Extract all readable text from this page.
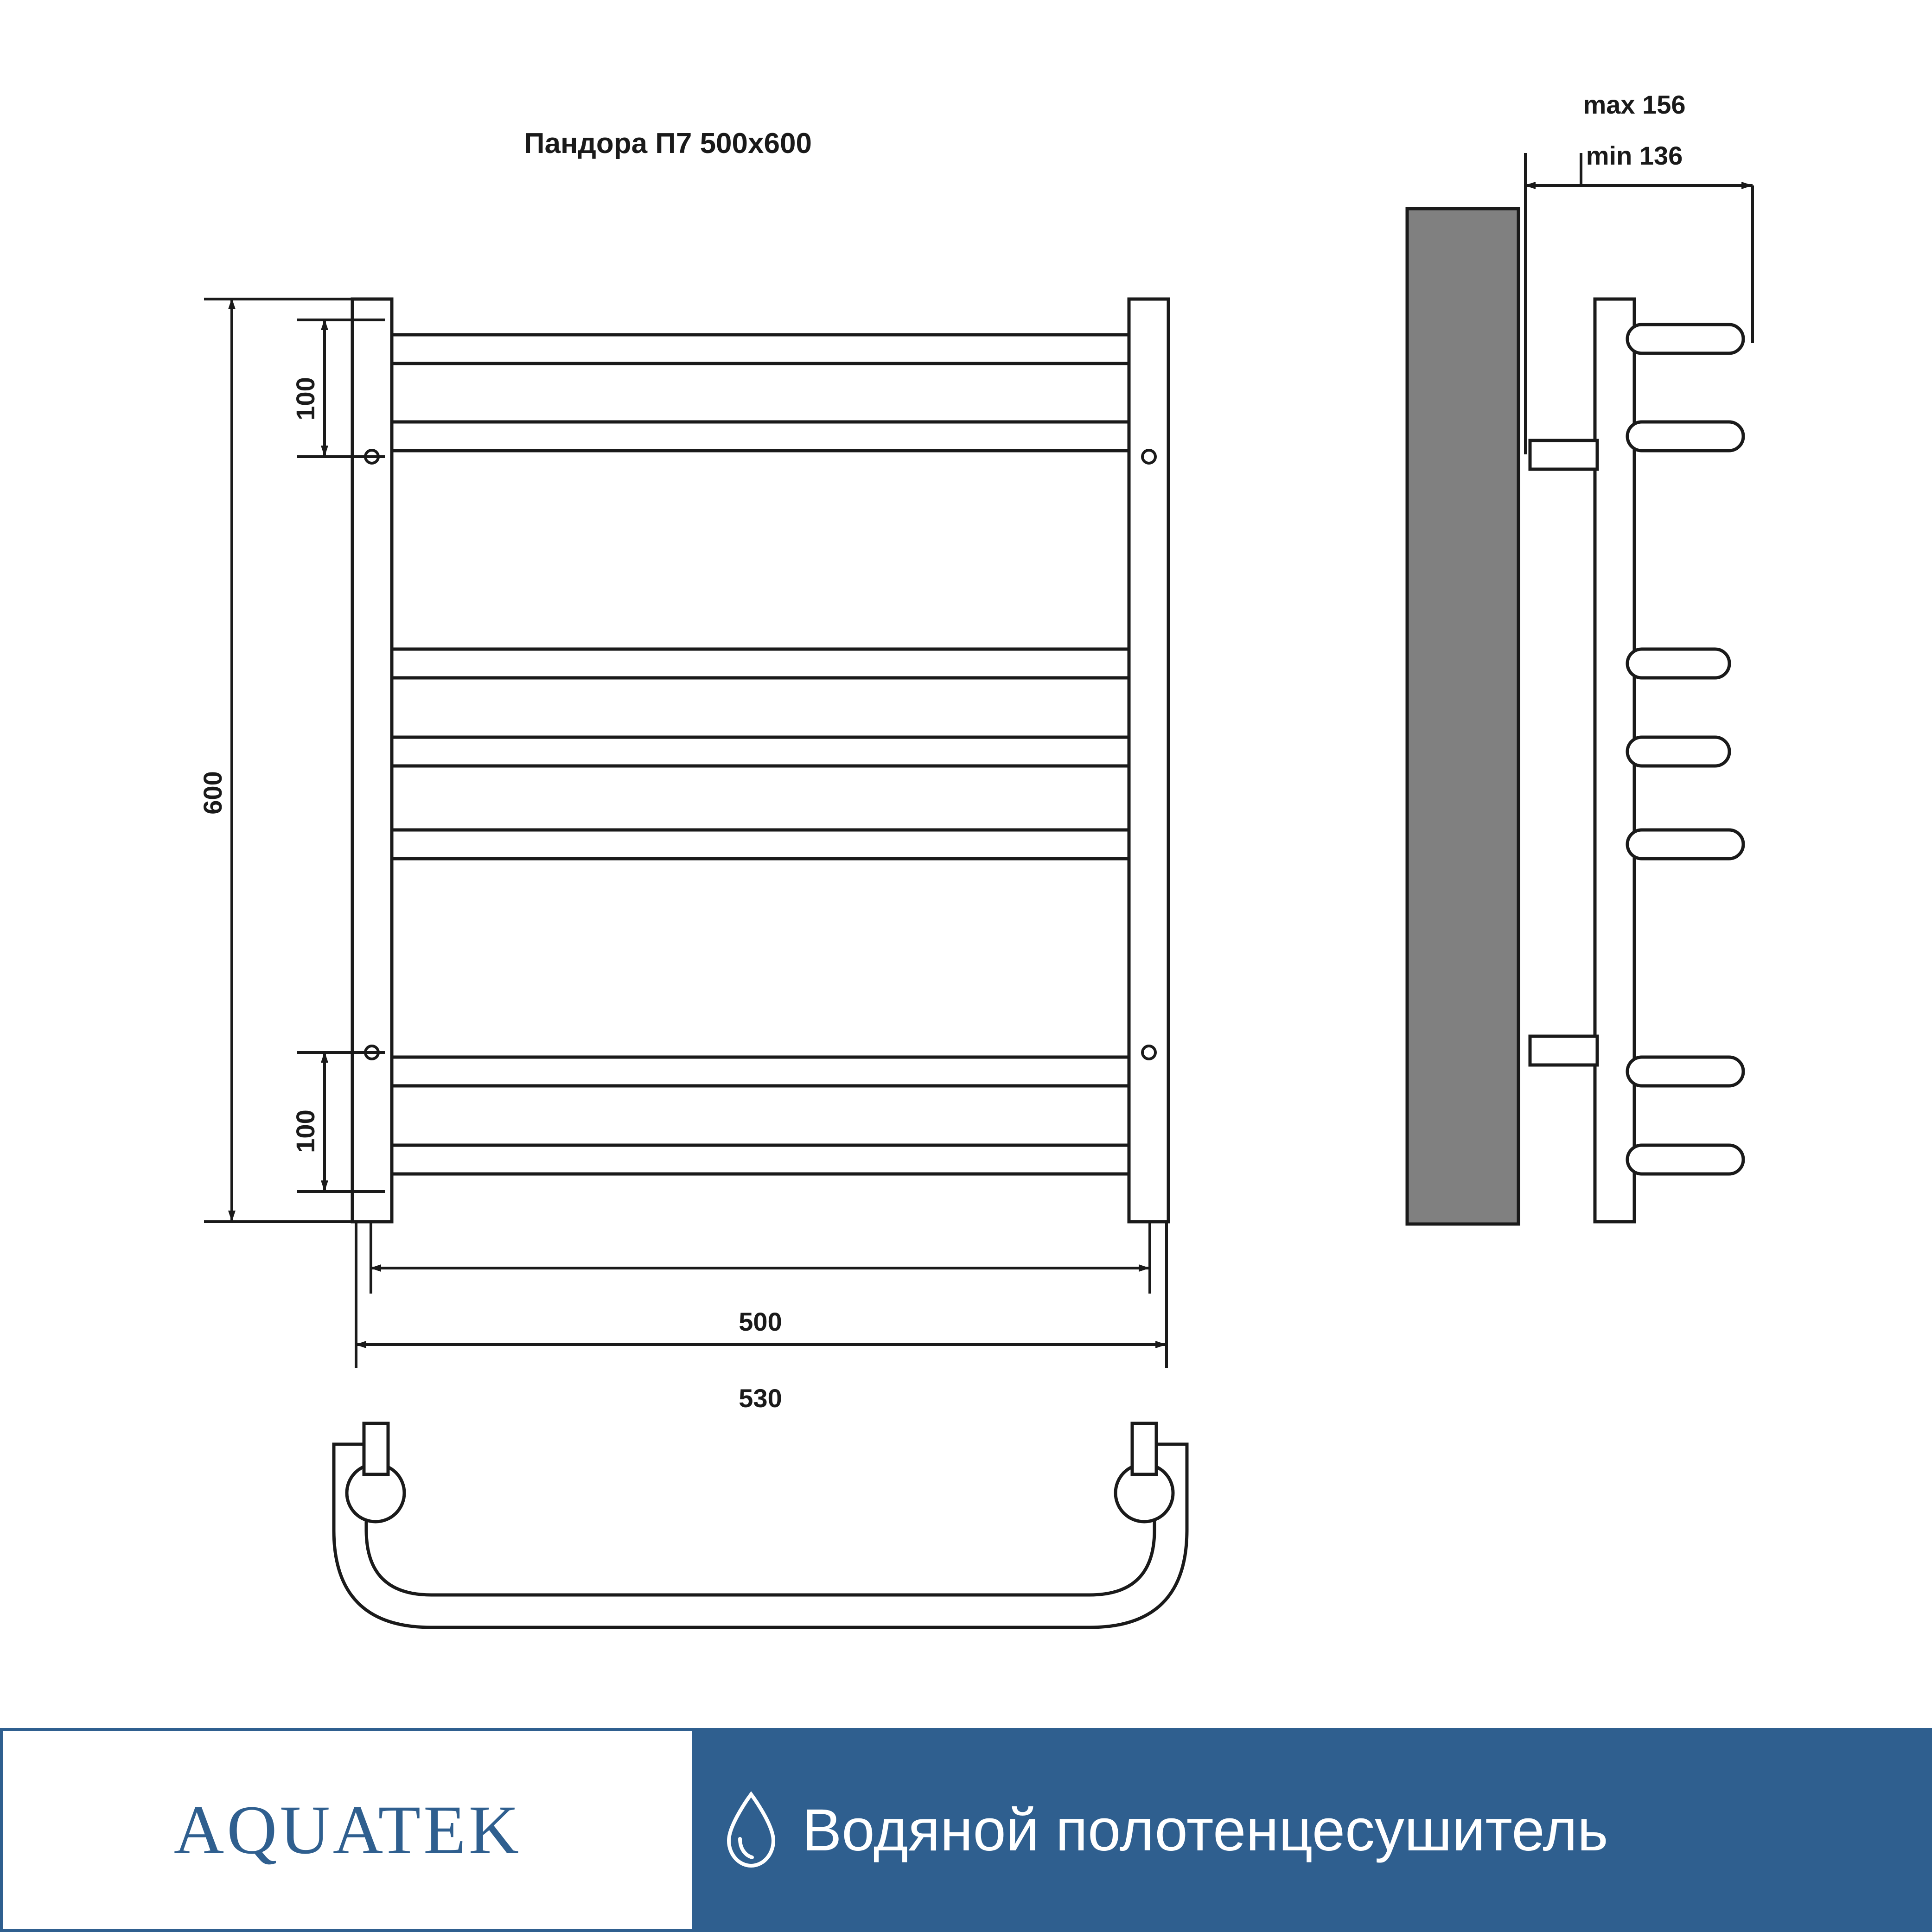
Пандора П7 500x600
600
100
100
500
530
max 156
min 136
AQUATEK	Водяной полотенцесушитель
